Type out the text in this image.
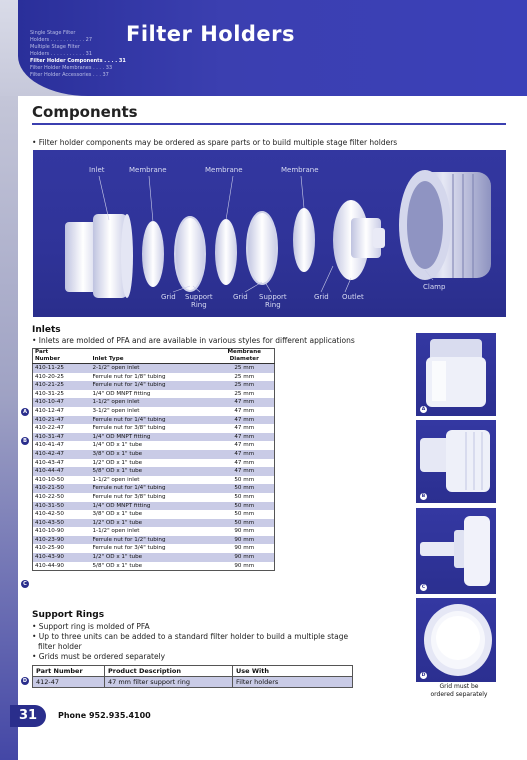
Single Stage Filter
Holders . . . . . . . . . . . 27
Multiple Stage Filter
Holders . . . . . . . . . . . 31
Filter Holder Components . . . . 31
Filter Holder Membranes . . . . 33
Filter Holder Accessories . . . 37
Filter Holders
Components
• Filter holder components may be ordered as spare parts or to build multiple stage filter holders
Inlet	Membrane	Membrane	Membrane
Grid Support
Ring
Grid Support
Ring
Grid Outlet
Clamp
Inlets
• Inlets are molded of PFA and are available in various styles for different applications
Part		Membrane
Number	Inlet Type	Diameter
410-11-25	2-1/2" open inlet	25 mm
410-20-25	Ferrule nut for 1/8" tubing	25 mm
410-21-25	Ferrule nut for 1/4" tubing	25 mm
410-31-25	1/4" OD MNPT fitting	25 mm
410-10-47	1-1/2" open inlet	47 mm
410-12-47	3-1/2" open inlet	47 mm
410-21-47	Ferrule nut for 1/4" tubing	47 mm
410-22-47	Ferrule nut for 3/8" tubing	47 mm
410-31-47	1/4" OD MNPT fitting	47 mm
410-41-47	1/4" OD x 1" tube	47 mm
410-42-47	3/8" OD x 1" tube	47 mm
410-43-47	1/2" OD x 1" tube	47 mm
410-44-47	5/8" OD x 1" tube	47 mm
410-10-50	1-1/2" open inlet	50 mm
410-21-50	Ferrule nut for 1/4" tubing	50 mm
410-22-50	Ferrule nut for 3/8" tubing	50 mm
410-31-50	1/4" OD MNPT fitting	50 mm
410-42-50	3/8" OD x 1" tube	50 mm
410-43-50	1/2" OD x 1" tube	50 mm
410-10-90	1-1/2" open inlet	90 mm
410-23-90	Ferrule nut for 1/2" tubing	90 mm
410-25-90	Ferrule nut for 3/4" tubing	90 mm
410-43-90	1/2" OD x 1" tube	90 mm
410-44-90	5/8" OD x 1" tube	90 mm
A
B
C
A
B
C
D
Support Rings
• Support ring is molded of PFA
• Up to three units can be added to a standard filter holder to build a multiple stage
filter holder
• Grids must be ordered separately
Part Number	Product Description	Use With
412-47	47 mm filter support ring	Filter holders
D
Grid must be
ordered separately
31	Phone 952.935.4100
